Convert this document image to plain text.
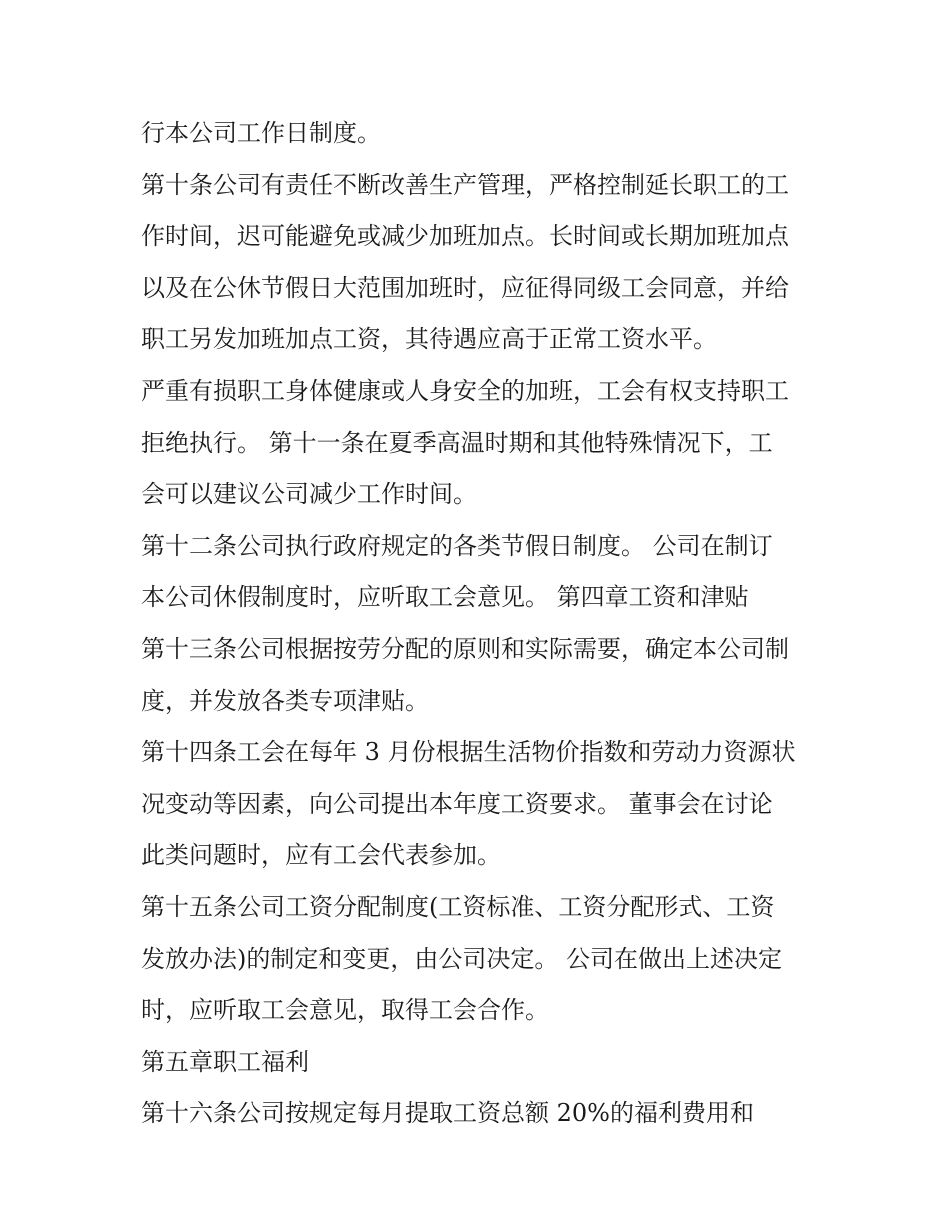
行本公司工作日制度。
第十条公司有责任不断改善生产管理，严格控制延长职工的工
作时间，迟可能避免或减少加班加点。长时间或长期加班加点
以及在公休节假日大范围加班时，应征得同级工会同意，并给
职工另发加班加点工资，其待遇应高于正常工资水平。
严重有损职工身体健康或人身安全的加班，工会有权支持职工
拒绝执行。 第十一条在夏季高温时期和其他特殊情况下，工
会可以建议公司减少工作时间。
第十二条公司执行政府规定的各类节假日制度。 公司在制订
本公司休假制度时，应听取工会意见。 第四章工资和津贴
第十三条公司根据按劳分配的原则和实际需要，确定本公司制
度，并发放各类专项津贴。
第十四条工会在每年 3 月份根据生活物价指数和劳动力资源状
况变动等因素，向公司提出本年度工资要求。 董事会在讨论
此类问题时，应有工会代表参加。
第十五条公司工资分配制度(工资标准、工资分配形式、工资
发放办法)的制定和变更，由公司决定。 公司在做出上述决定
时，应听取工会意见，取得工会合作。
第五章职工福利
第十六条公司按规定每月提取工资总额 20%的福利费用和
